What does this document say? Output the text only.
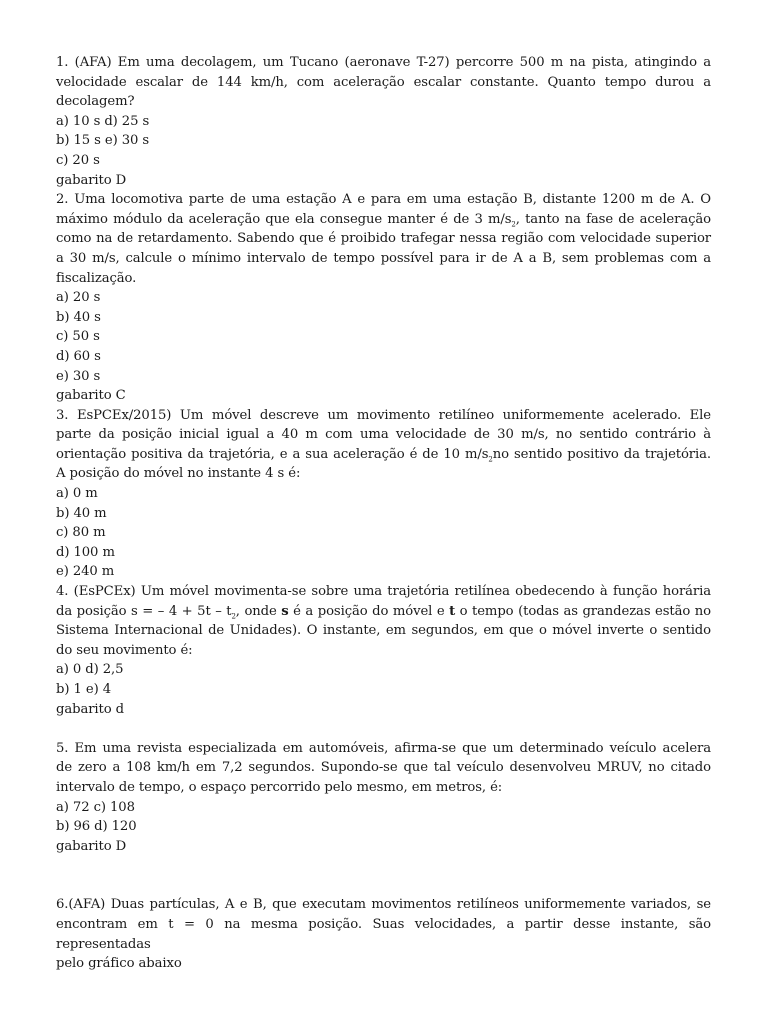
1. (AFA) Em uma decolagem, um Tucano (aeronave T-27) percorre 500 m na pista, atingindo a
velocidade escalar de 144 km/h, com aceleração escalar constante. Quanto tempo durou a
decolagem?
a) 10 s d) 25 s
b) 15 s e) 30 s
c) 20 s
gabarito D
2. Uma locomotiva parte de uma estação A e para em uma estação B, distante 1200 m de A. O
máximo módulo da aceleração que ela consegue manter é de 3 $m/s_2$, tanto na fase de aceleração
como na de retardamento. Sabendo que é proibido trafegar nessa região com velocidade superior
a 30 m/s, calcule o mínimo intervalo de tempo possível para ir de A a B, sem problemas com a
fiscalização.
a) 20 s
b) 40 s
c) 50 s
d) 60 s
e) 30 s
gabarito C
3. EsPCEx/2015) Um móvel descreve um movimento retilíneo uniformemente acelerado. Ele
parte da posição inicial igual a 40 m com uma velocidade de 30 m/s, no sentido contrário à
orientação positiva da trajetória, e a sua aceleração é de 10 $m/s_2no$ sentido positivo da trajetória.
A posição do móvel no instante 4 s é:
a) 0 m
b) 40 m
c) 80 m
d) 100 m
e) 240 m
4. (EsPCEx) Um móvel movimenta-se sobre uma trajetória retilínea obedecendo à função horária
da posição s = – $4 + 5t - t_2$, onde s é a posição do móvel e t o tempo (todas as grandezas estão no
Sistema Internacional de Unidades). O instante, em segundos, em que o móvel inverte o sentido
do seu movimento é:
a) 0 d) 2,5
b) 1 e) 4
gabarito d
5. Em uma revista especializada em automóveis, afirma-se que um determinado veículo acelera
de zero a 108 km/h em 7,2 segundos. Supondo-se que tal veículo desenvolveu MRUV, no citado
intervalo de tempo, o espaço percorrido pelo mesmo, em metros, é:
a) 72 c) 108
b) 96 d) 120
gabarito D
6.(AFA) Duas partículas, A e B, que executam movimentos retilíneos uniformemente variados, se
encontram em t = 0 na mesma posição. Suas velocidades, a partir desse instante, são representadas
pelo gráfico abaixo
